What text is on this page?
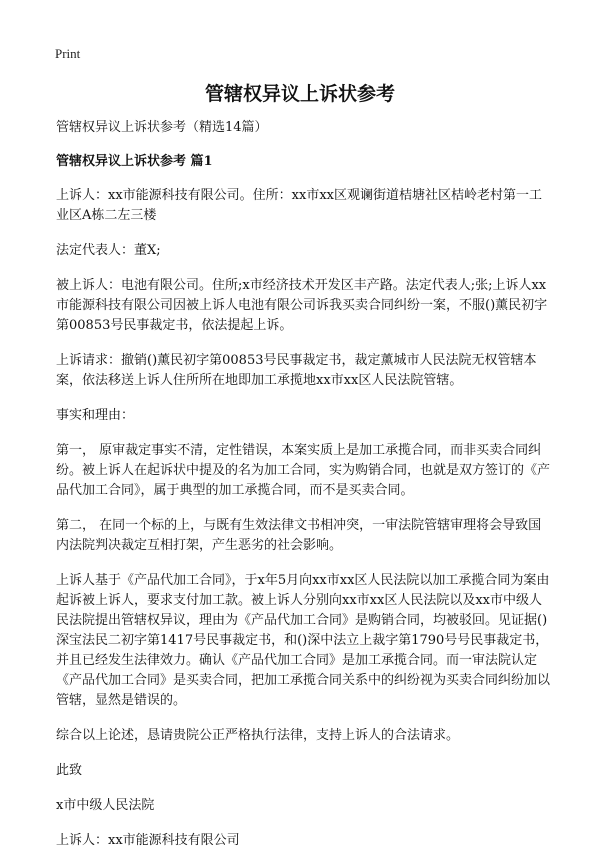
Print
管辖权异议上诉状参考

管辖权异议上诉状参考（精选14篇）

管辖权异议上诉状参考 篇1

上诉人：xx市能源科技有限公司。住所：xx市xx区观谰街道桔塘社区桔岭老村第一工业区A栋二左三楼

法定代表人：董X;

被上诉人：电池有限公司。住所;x市经济技术开发区丰产路。法定代表人;张;上诉人xx市能源科技有限公司因被上诉人电池有限公司诉我买卖合同纠纷一案，不服()薰民初字第00853号民事裁定书，依法提起上诉。

上诉请求：撤销()薰民初字第00853号民事裁定书，裁定薰城市人民法院无权管辖本案，依法移送上诉人住所所在地即加工承揽地xx市xx区人民法院管辖。

事实和理由：

第一， 原审裁定事实不清，定性错误，本案实质上是加工承揽合同，而非买卖合同纠纷。被上诉人在起诉状中提及的名为加工合同，实为购销合同，也就是双方签订的《产品代加工合同》，属于典型的加工承揽合同，而不是买卖合同。

第二， 在同一个标的上，与既有生效法律文书相冲突，一审法院管辖审理将会导致国内法院判决裁定互相打架，产生恶劣的社会影响。

上诉人基于《产品代加工合同》，于x年5月向xx市xx区人民法院以加工承揽合同为案由起诉被上诉人，要求支付加工款。被上诉人分别向xx市xx区人民法院以及xx市中级人民法院提出管辖权异议，理由为《产品代加工合同》是购销合同，均被驳回。见证据()深宝法民二初字第1417号民事裁定书，和()深中法立上裁字第1790号号民事裁定书，并且已经发生法律效力。确认《产品代加工合同》是加工承揽合同。而一审法院认定《产品代加工合同》是买卖合同，把加工承揽合同关系中的纠纷视为买卖合同纠纷加以管辖，显然是错误的。

综合以上论述，恳请贵院公正严格执行法律，支持上诉人的合法请求。

此致

x市中级人民法院

上诉人：xx市能源科技有限公司
